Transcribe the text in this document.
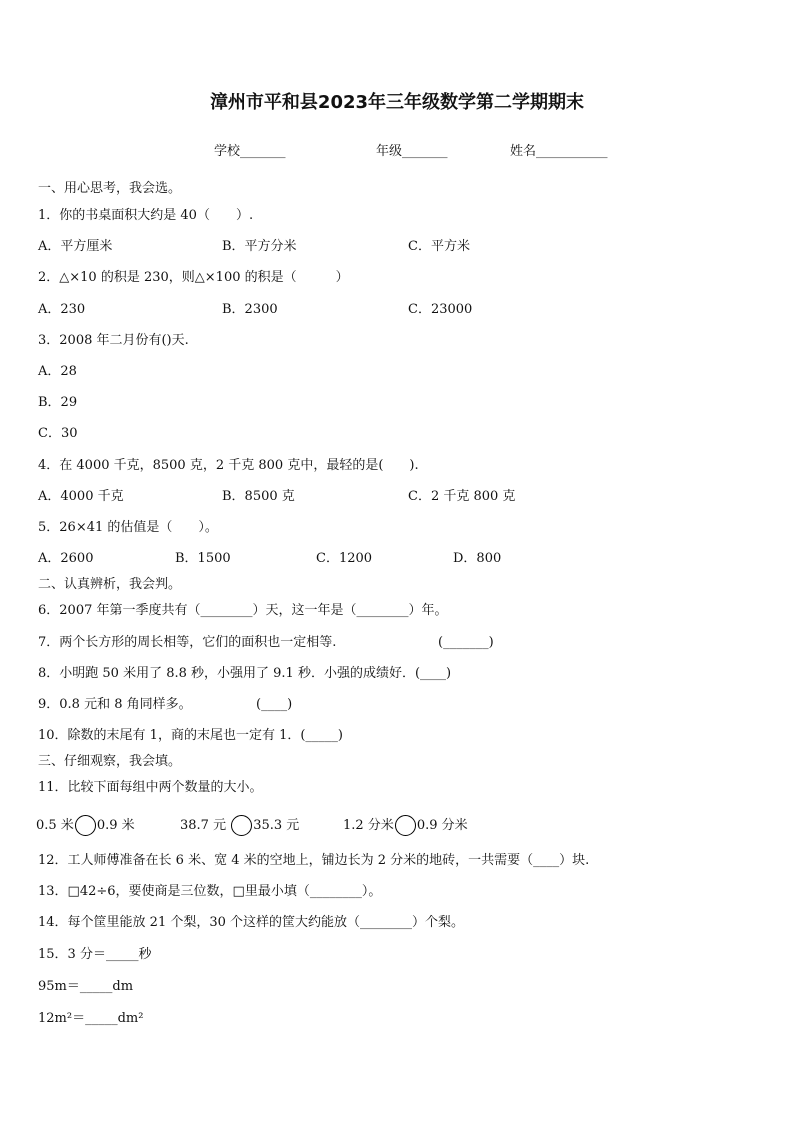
漳州市平和县2023年三年级数学第二学期期末
学校_______	年级_______	姓名___________
一、用心思考，我会选。
1．你的书桌面积大约是 40（　　）.
A．平方厘米	B．平方分米	C．平方米
2．△×10 的积是 230，则△×100 的积是（　　　）
A．230	B．2300	C．23000
3．2008 年二月份有()天.
A．28
B．29
C．30
4．在 4000 千克，8500 克，2 千克 800 克中，最轻的是(　　).
A．4000 千克	B．8500 克	C．2 千克 800 克
5．26×41 的估值是（　　）。
A．2600	B．1500	C．1200	D．800
二、认真辨析，我会判。
6．2007 年第一季度共有（________）天，这一年是（________）年。
7．两个长方形的周长相等，它们的面积也一定相等.	(_______)
8．小明跑 50 米用了 8.8 秒，小强用了 9.1 秒．小强的成绩好．(____)
9．0.8 元和 8 角同样多。	(____)
10．除数的末尾有 1，商的末尾也一定有 1．(_____)
三、仔细观察，我会填。
11．比较下面每组中两个数量的大小。
0.5 米 0.9 米	38.7 元 35.3 元	1.2 分米 0.9 分米
12．工人师傅准备在长 6 米、宽 4 米的空地上，铺边长为 2 分米的地砖，一共需要（____）块.
13．□42÷6，要使商是三位数，□里最小填（________）。
14．每个筐里能放 21 个梨，30 个这样的筐大约能放（________）个梨。
15．3 分＝_____秒
95m＝_____dm
12m²＝_____dm²
